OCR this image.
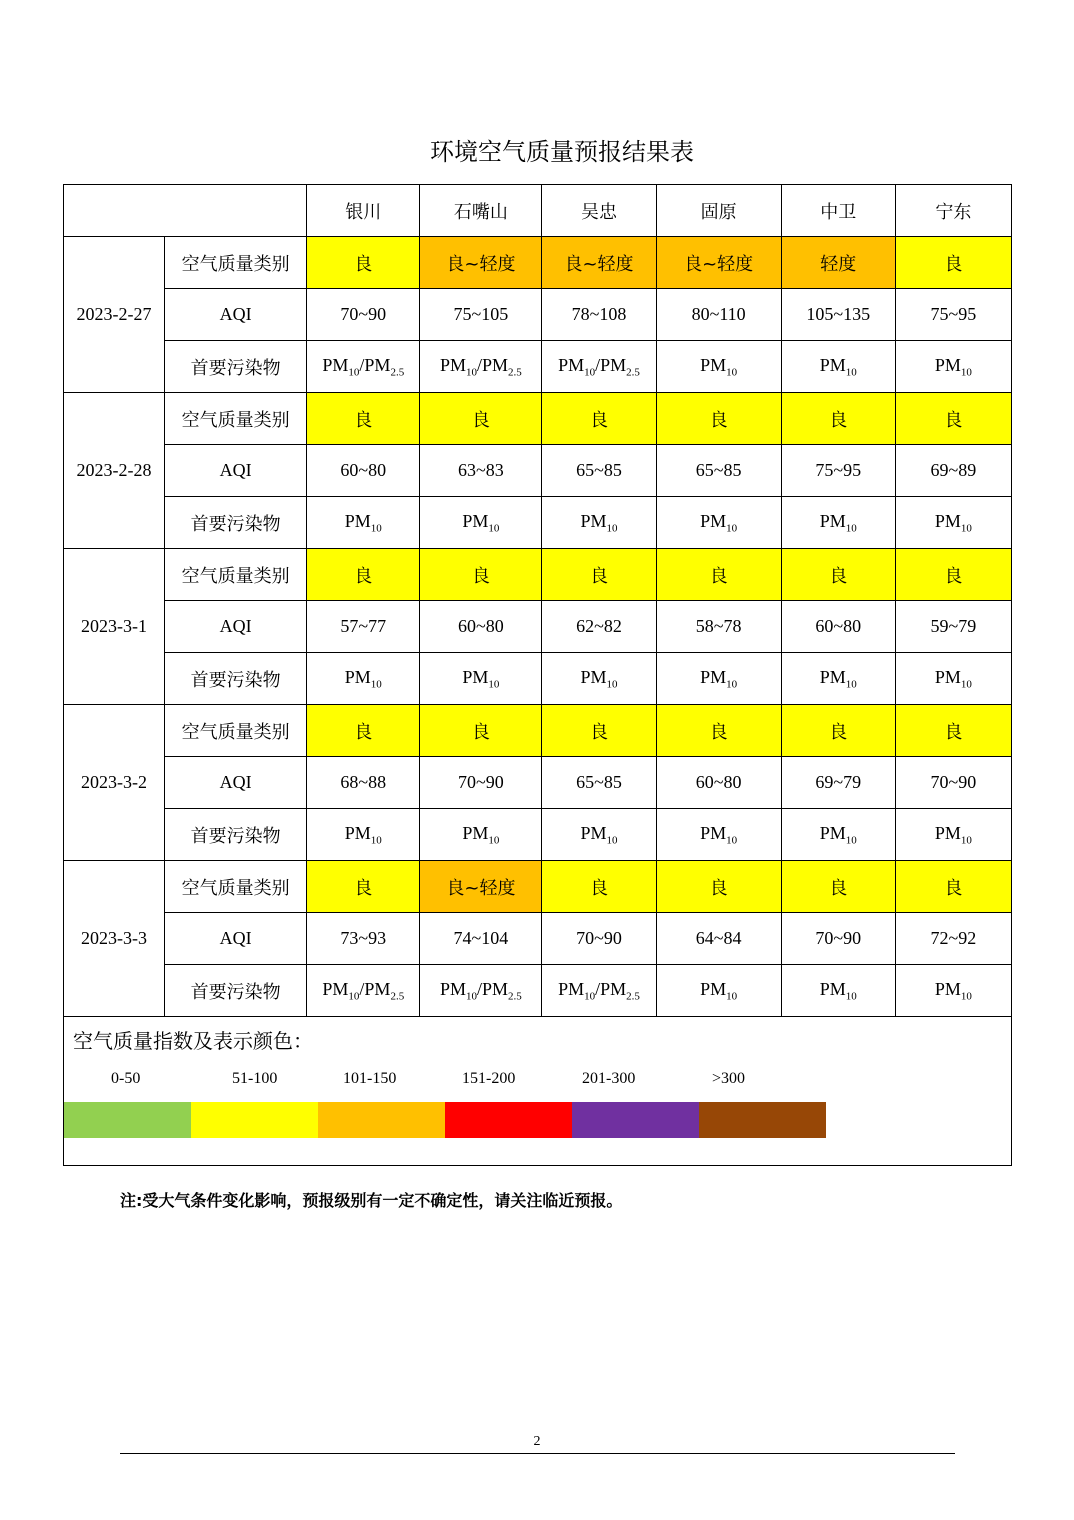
环境空气质量预报结果表
		银川	石嘴山	吴忠	固原	中卫	宁东
2023-2-27	空气质量类别	良	良~轻度	良~轻度	良~轻度	轻度	良
	AQI	70~90	75~105	78~108	80~110	105~135	75~95
	首要污染物	$PM_{10}/PM_{2.5}$	$PM_{10}/PM_{2.5}$	$PM_{10}/PM_{2.5}$	$PM_{10}$	$PM_{10}$	$PM_{10}$
2023-2-28	空气质量类别	良	良	良	良	良	良
	AQI	60~80	63~83	65~85	65~85	75~95	69~89
	首要污染物	$PM_{10}$	$PM_{10}$	$PM_{10}$	$PM_{10}$	$PM_{10}$	$PM_{10}$
2023-3-1	空气质量类别	良	良	良	良	良	良
	AQI	57~77	60~80	62~82	58~78	60~80	59~79
	首要污染物	$PM_{10}$	$PM_{10}$	$PM_{10}$	$PM_{10}$	$PM_{10}$	$PM_{10}$
2023-3-2	空气质量类别	良	良	良	良	良	良
	AQI	68~88	70~90	65~85	60~80	69~79	70~90
	首要污染物	$PM_{10}$	$PM_{10}$	$PM_{10}$	$PM_{10}$	$PM_{10}$	$PM_{10}$
2023-3-3	空气质量类别	良	良~轻度	良	良	良	良
	AQI	73~93	74~104	70~90	64~84	70~90	72~92
	首要污染物	$PM_{10}/PM_{2.5}$	$PM_{10}/PM_{2.5}$	$PM_{10}/PM_{2.5}$	$PM_{10}$	$PM_{10}$	$PM_{10}$
空气质量指数及表示颜色：
0-50	51-100	101-150	151-200	201-300	>300
注:受大气条件变化影响，预报级别有一定不确定性，请关注临近预报。
2
